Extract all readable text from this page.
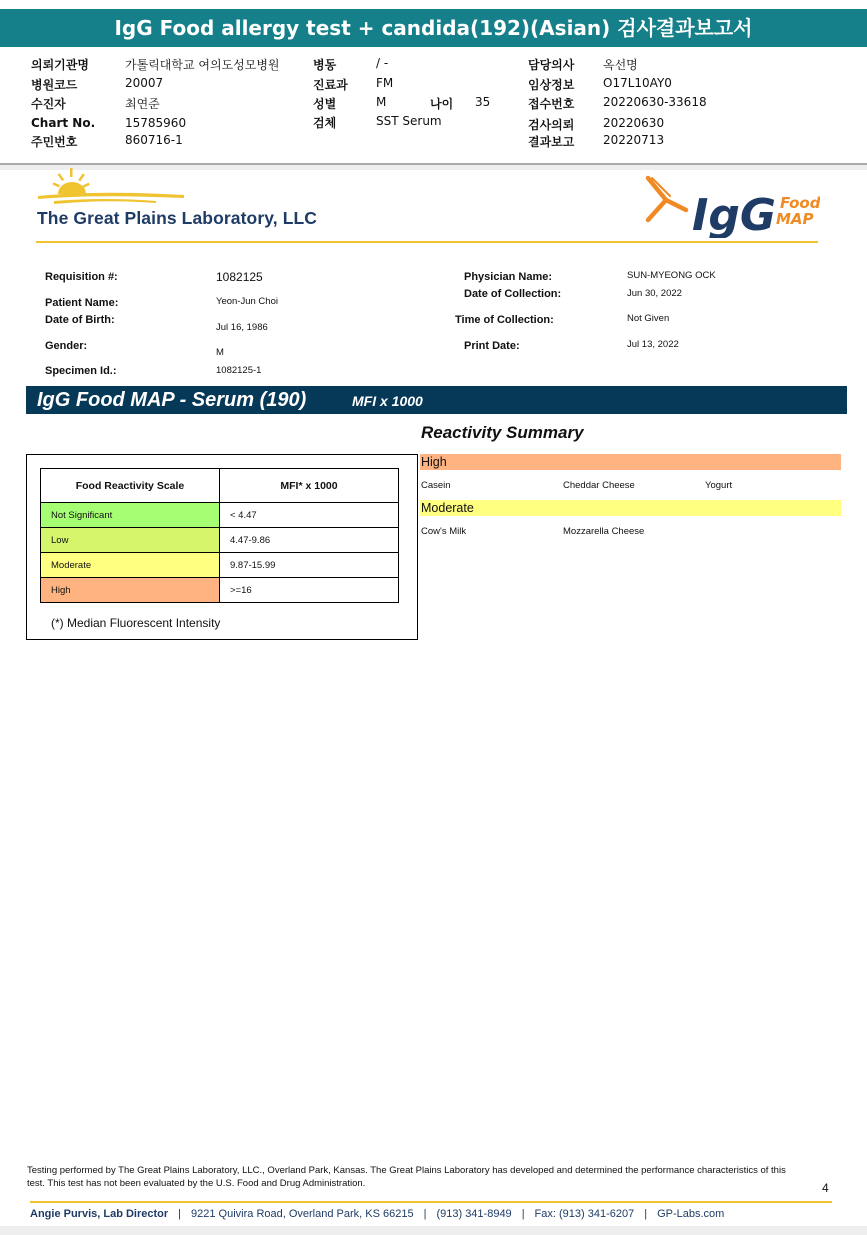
IgG Food allergy test + candida(192)(Asian) 검사결과보고서
의뢰기관명	가톨릭대학교 여의도성모병원
병원코드	20007
수진자	최연준
Chart No. 15785960
주민번호	860716-1
병동	/ -
진료과 FM
성별	M	나이 35
검체	SST Serum
담당의사 옥선명
임상정보 O17L10AY0
접수번호 20220630-33618
검사의뢰 20220630
결과보고 20220713
The Great Plains Laboratory, LLC	IgG Food
MAP
Requisition #:	1082125
Patient Name:	Yeon-Jun Choi
Date of Birth:
Jul 16, 1986
Gender:
M
Specimen Id.:	1082125-1
Physician Name:	SUN-MYEONG OCK
Date of Collection:	Jun 30, 2022
Time of Collection:	Not Given
Print Date:	Jul 13, 2022
IgG Food MAP - Serum (190)	MFI x 1000
Food Reactivity Scale	MFI* x 1000
Not Significant	< 4.47
Low	4.47-9.86
Moderate	9.87-15.99
High	>=16
(*) Median Fluorescent Intensity
Reactivity Summary
High
Casein	Cheddar Cheese	Yogurt
Moderate
Cow's Milk	Mozzarella Cheese
Testing performed by The Great Plains Laboratory, LLC., Overland Park, Kansas. The Great Plains Laboratory has developed and determined the performance characteristics of this test. This test has not been evaluated by the U.S. Food and Drug Administration.	4
Angie Purvis, Lab Director | 9221 Quivira Road, Overland Park, KS 66215 | (913) 341-8949 | Fax: (913) 341-6207 | GP-Labs.com
